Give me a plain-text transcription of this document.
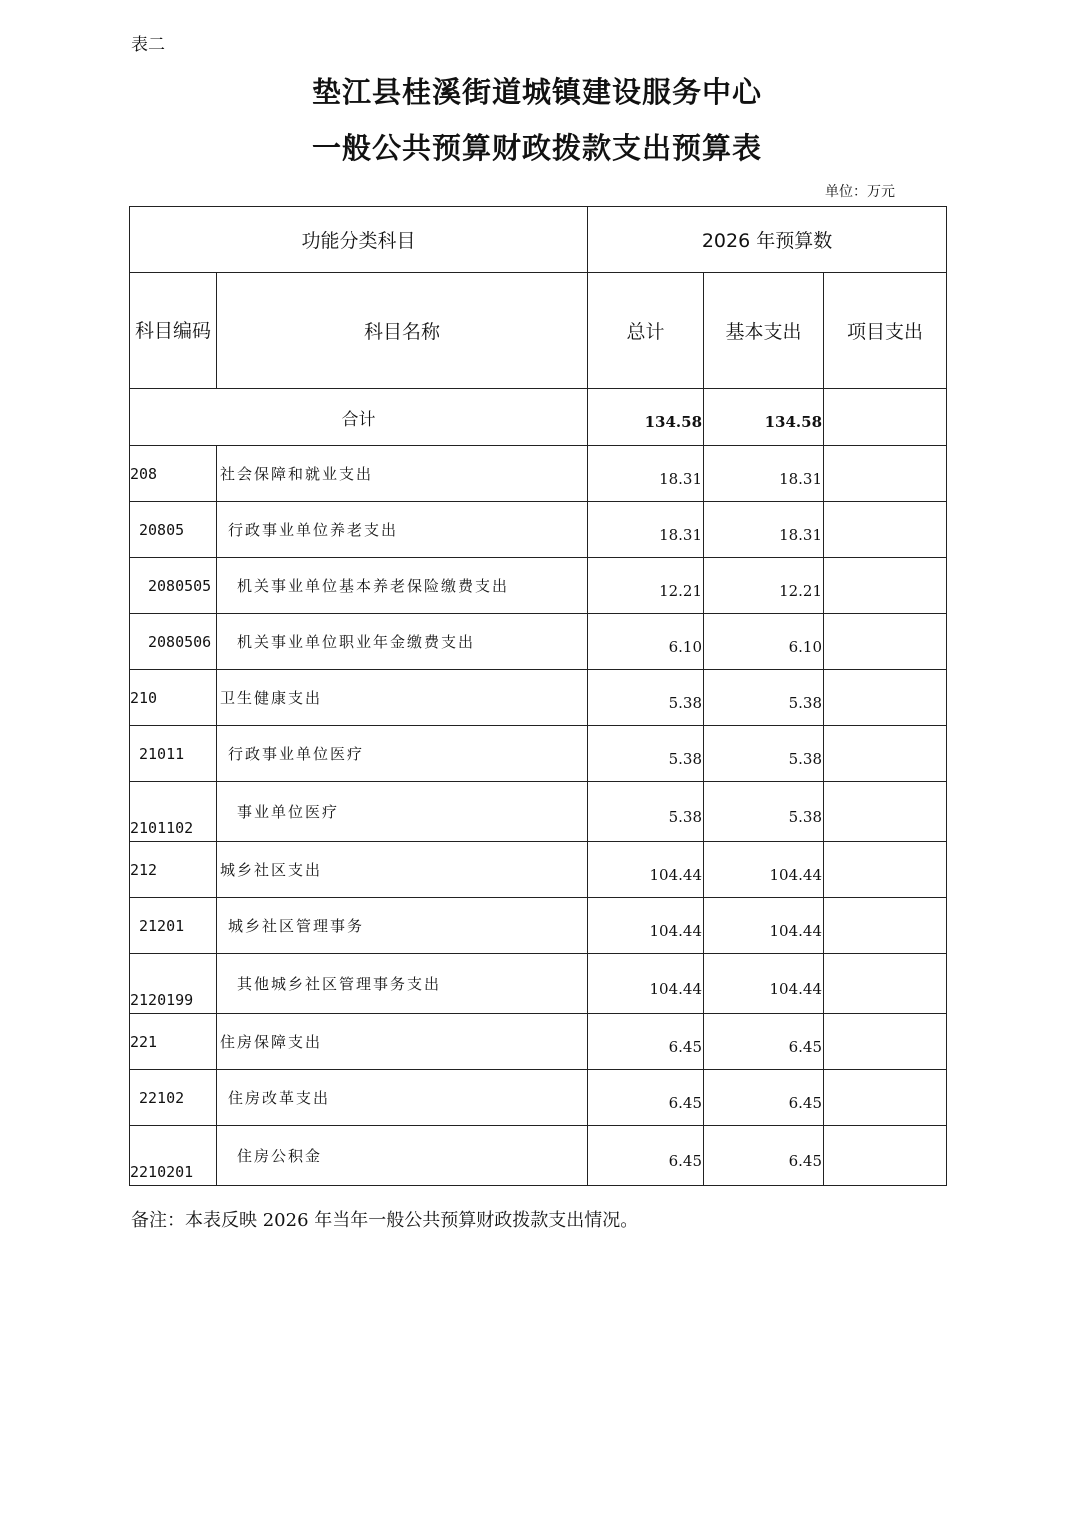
表二
垫江县桂溪街道城镇建设服务中心
一般公共预算财政拨款支出预算表
单位：万元
功能分类科目		2026 年预算数		
科目编码	科目名称	总计	基本支出	项目支出
合计		134.58	134.58	
208	社会保障和就业支出	18.31	18.31	
20805	行政事业单位养老支出	18.31	18.31	
2080505	机关事业单位基本养老保险缴费支出	12.21	12.21	
2080506	机关事业单位职业年金缴费支出	6.10	6.10	
210	卫生健康支出	5.38	5.38	
21011	行政事业单位医疗	5.38	5.38	
2101102	事业单位医疗	5.38	5.38	
212	城乡社区支出	104.44	104.44	
21201	城乡社区管理事务	104.44	104.44	
2120199	其他城乡社区管理事务支出	104.44	104.44	
221	住房保障支出	6.45	6.45	
22102	住房改革支出	6.45	6.45	
2210201	住房公积金	6.45	6.45	
备注：本表反映 2026 年当年一般公共预算财政拨款支出情况。
